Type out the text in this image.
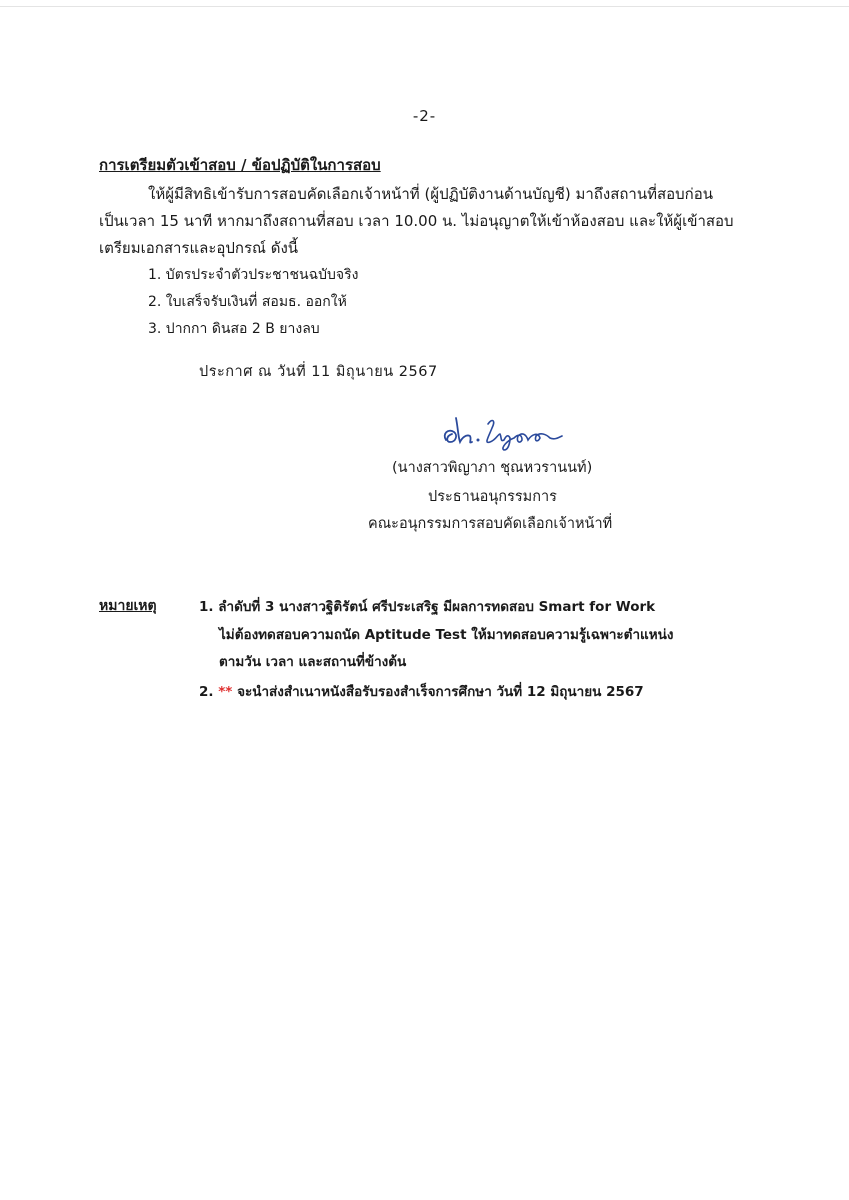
-2-
การเตรียมตัวเข้าสอบ / ข้อปฏิบัติในการสอบ
ให้ผู้มีสิทธิเข้ารับการสอบคัดเลือกเจ้าหน้าที่ (ผู้ปฏิบัติงานด้านบัญชี) มาถึงสถานที่สอบก่อน
เป็นเวลา 15 นาที หากมาถึงสถานที่สอบ เวลา 10.00 น. ไม่อนุญาตให้เข้าห้องสอบ และให้ผู้เข้าสอบ
เตรียมเอกสารและอุปกรณ์ ดังนี้
1. บัตรประจำตัวประชาชนฉบับจริง
2. ใบเสร็จรับเงินที่ สอมธ. ออกให้
3. ปากกา ดินสอ 2 B ยางลบ
ประกาศ ณ วันที่ 11 มิถุนายน 2567
(นางสาวพิญาภา ชุณหวรานนท์)
ประธานอนุกรรมการ
คณะอนุกรรมการสอบคัดเลือกเจ้าหน้าที่
หมายเหตุ	1. ลำดับที่ 3 นางสาวฐิติรัตน์ ศรีประเสริฐ มีผลการทดสอบ Smart for Work
ไม่ต้องทดสอบความถนัด Aptitude Test ให้มาทดสอบความรู้เฉพาะตำแหน่ง
ตามวัน เวลา และสถานที่ข้างต้น
2. ** จะนำส่งสำเนาหนังสือรับรองสำเร็จการศึกษา วันที่ 12 มิถุนายน 2567
